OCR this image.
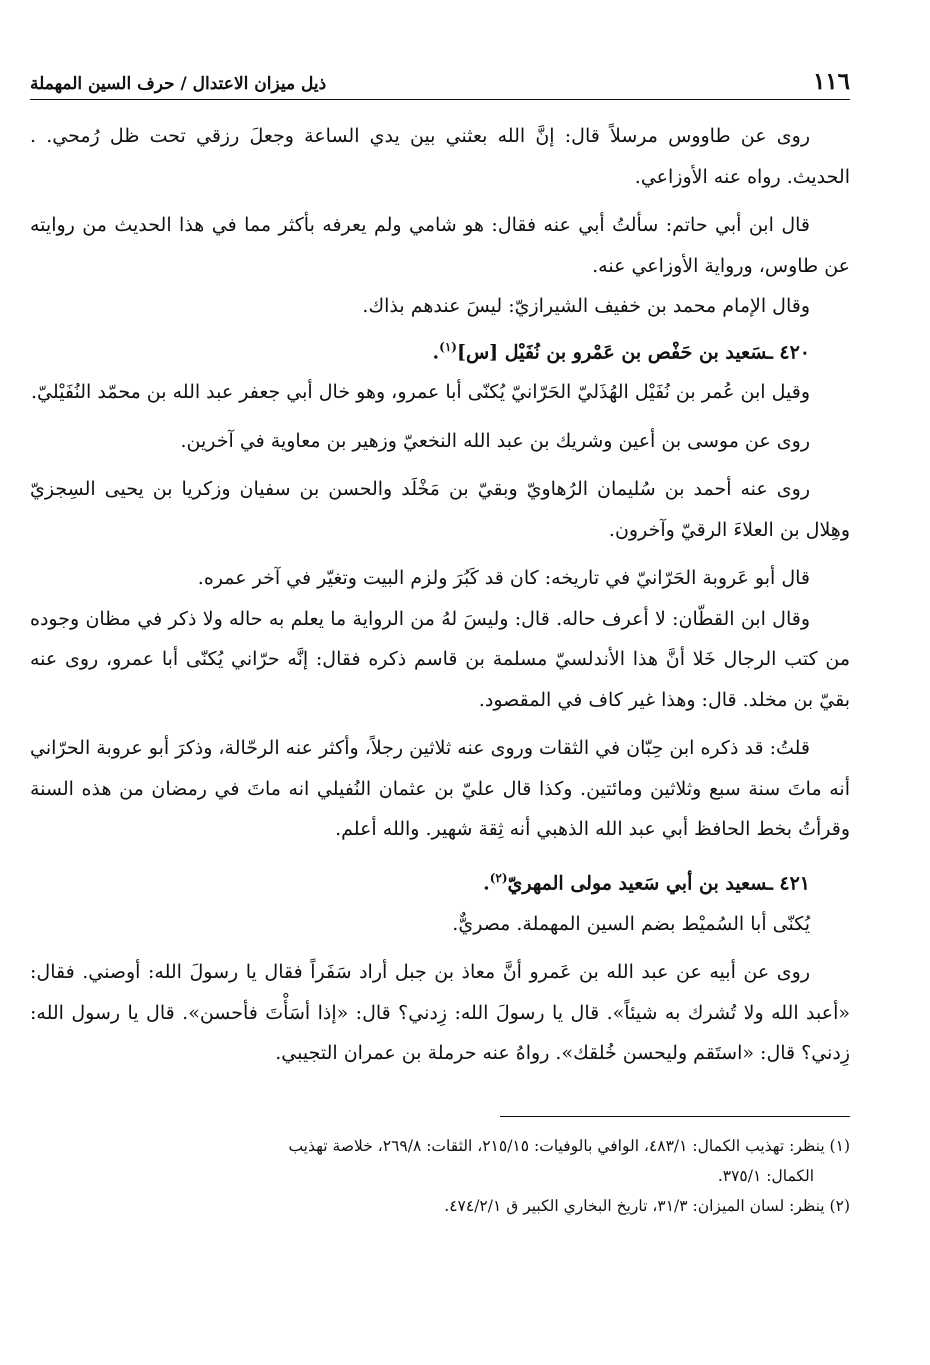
١١٦
ذيل ميزان الاعتدال / حرف السين المهملة

روى عن طاووس مرسلاً قال: إنَّ الله بعثني بين يدي الساعة وجعلَ رزقي تحت ظل رُمحي. . الحديث. رواه عنه الأوزاعي.

قال ابن أبي حاتم: سألتُ أبي عنه فقال: هو شامي ولم يعرفه بأكثر مما في هذا الحديث من روايته عن طاوس، ورواية الأوزاعي عنه.

وقال الإمام محمد بن خفيف الشيرازيّ: ليسَ عندهم بذاك.

٤٢٠ ـسَعيد بن حَفْص بن عَمْرو بن نُفَيْل [س]$^{(١)}$.

وقيل ابن عُمر بن نُفَيْل الهُذَليّ الحَرّانيّ يُكنّى أبا عمرو، وهو خال أبي جعفر عبد الله بن محمّد النُفَيْليّ.

روى عن موسى بن أعين وشريك بن عبد الله النخعيّ وزهير بن معاوية في آخرين.

روى عنه أحمد بن سُليمان الرُهاويّ وبقيّ بن مَخْلَد والحسن بن سفيان وزكريا بن يحيى السِجزيّ وهِلال بن العلاءَ الرقيّ وآخرون.

قال أبو عَروبة الحَرّانيّ في تاريخه: كان قد كَبُرَ ولزم البيت وتغيّر في آخر عمره.

وقال ابن القطّان: لا أعرف حاله. قال: وليسَ لهُ من الرواية ما يعلم به حاله ولا ذكر في مظان وجوده من كتب الرجال خَلا أنَّ هذا الأندلسيّ مسلمة بن قاسم ذكره فقال: إنَّه حرّاني يُكنّى أبا عمرو، روى عنه بقيّ بن مخلد. قال: وهذا غير كاف في المقصود.

قلتُ: قد ذكره ابن حِبّان في الثقات وروى عنه ثلاثين رجلاً، وأكثر عنه الرحّالة، وذكرَ أبو عروبة الحرّاني أنه ماتَ سنة سبع وثلاثين ومائتين. وكذا قال عليّ بن عثمان النُفيلي انه ماتَ في رمضان من هذه السنة وقرأتُ بخط الحافظ أبي عبد الله الذهبي أنه ثِقة شهير. والله أعلم.

٤٢١ ـسعيد بن أبي سَعيد مولى المهريّ$^{(٢)}$.

يُكنّى أبا السُميْط بضم السين المهملة. مصريٌّ.

روى عن أبيه عن عبد الله بن عَمرو أنَّ معاذ بن جبل أراد سَفَراً فقال يا رسولَ الله: أوصني. فقال: «أعبد الله ولا تُشرك به شيئاً». قال يا رسولَ الله: زِدني؟ قال: «إذا أسَأْتَ فأحسن». قال يا رسول الله: زِدني؟ قال: «استَقم وليحسن خُلقك». رواهُ عنه حرملة بن عمران التجيبي.

(١) ينظر: تهذيب الكمال: ٤٨٣/١، الوافي بالوفيات: ٢١٥/١٥، الثقات: ٢٦٩/٨، خلاصة تهذيب

الكمال: ٣٧٥/١.

(٢) ينظر: لسان الميزان: ٣١/٣، تاريخ البخاري الكبير ق ٤٧٤/٢/١.
